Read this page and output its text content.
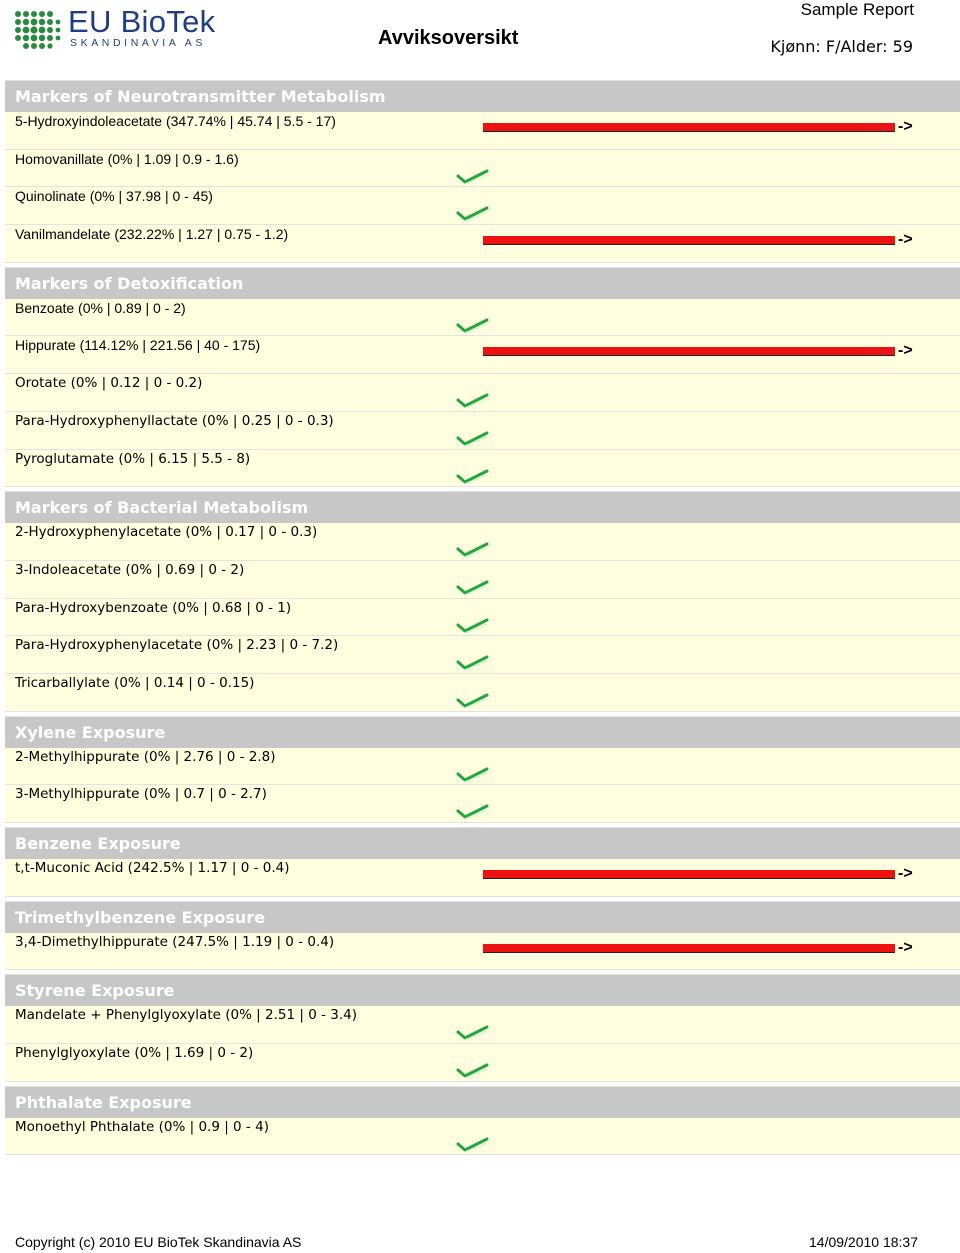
EU BioTek
SKANDINAVIA AS	Avviksoversikt
Sample Report
Kjønn: F/Alder: 59
Markers of Neurotransmitter Metabolism
5-Hydroxyindoleacetate (347.74% | 45.74 | 5.5 - 17)	->
Homovanillate (0% | 1.09 | 0.9 - 1.6)
Quinolinate (0% | 37.98 | 0 - 45)
Vanilmandelate (232.22% | 1.27 | 0.75 - 1.2)	->
Markers of Detoxification
Benzoate (0% | 0.89 | 0 - 2)
Hippurate (114.12% | 221.56 | 40 - 175)	->
Orotate (0% | 0.12 | 0 - 0.2)
Para-Hydroxyphenyllactate (0% | 0.25 | 0 - 0.3)
Pyroglutamate (0% | 6.15 | 5.5 - 8)
Markers of Bacterial Metabolism
2-Hydroxyphenylacetate (0% | 0.17 | 0 - 0.3)
3-Indoleacetate (0% | 0.69 | 0 - 2)
Para-Hydroxybenzoate (0% | 0.68 | 0 - 1)
Para-Hydroxyphenylacetate (0% | 2.23 | 0 - 7.2)
Tricarballylate (0% | 0.14 | 0 - 0.15)
Xylene Exposure
2-Methylhippurate (0% | 2.76 | 0 - 2.8)
3-Methylhippurate (0% | 0.7 | 0 - 2.7)
Benzene Exposure
t,t-Muconic Acid (242.5% | 1.17 | 0 - 0.4)	->
Trimethylbenzene Exposure
3,4-Dimethylhippurate (247.5% | 1.19 | 0 - 0.4)	->
Styrene Exposure
Mandelate + Phenylglyoxylate (0% | 2.51 | 0 - 3.4)
Phenylglyoxylate (0% | 1.69 | 0 - 2)
Phthalate Exposure
Monoethyl Phthalate (0% | 0.9 | 0 - 4)
Copyright (c) 2010 EU BioTek Skandinavia AS	14/09/2010 18:37
